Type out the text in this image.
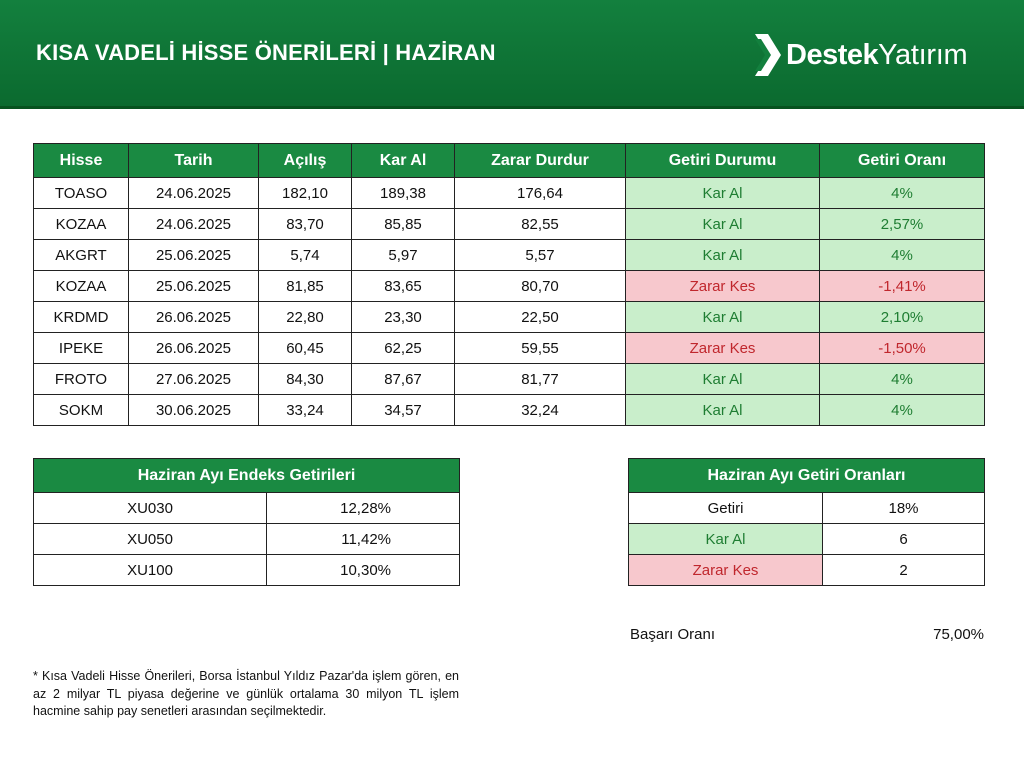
KISA VADELİ HİSSE ÖNERİLERİ | HAZİRAN	Destek Yatırım
Hisse	Tarih	Açılış	Kar Al	Zarar Durdur	Getiri Durumu	Getiri Oranı
TOASO	24.06.2025	182,10	189,38	176,64	Kar Al	4%
KOZAA	24.06.2025	83,70	85,85	82,55	Kar Al	2,57%
AKGRT	25.06.2025	5,74	5,97	5,57	Kar Al	4%
KOZAA	25.06.2025	81,85	83,65	80,70	Zarar Kes	-1,41%
KRDMD	26.06.2025	22,80	23,30	22,50	Kar Al	2,10%
IPEKE	26.06.2025	60,45	62,25	59,55	Zarar Kes	-1,50%
FROTO	27.06.2025	84,30	87,67	81,77	Kar Al	4%
SOKM	30.06.2025	33,24	34,57	32,24	Kar Al	4%
Haziran Ayı Endeks Getirileri	
XU030	12,28%
XU050	11,42%
XU100	10,30%
Haziran Ayı Getiri Oranları	
Getiri	18%
Kar Al	6
Zarar Kes	2
Başarı Oranı	75,00%
* Kısa Vadeli Hisse Önerileri, Borsa İstanbul Yıldız Pazar'da işlem gören, en az 2 milyar TL piyasa değerine ve günlük ortalama 30 milyon TL işlem hacmine sahip pay senetleri arasından seçilmektedir.
